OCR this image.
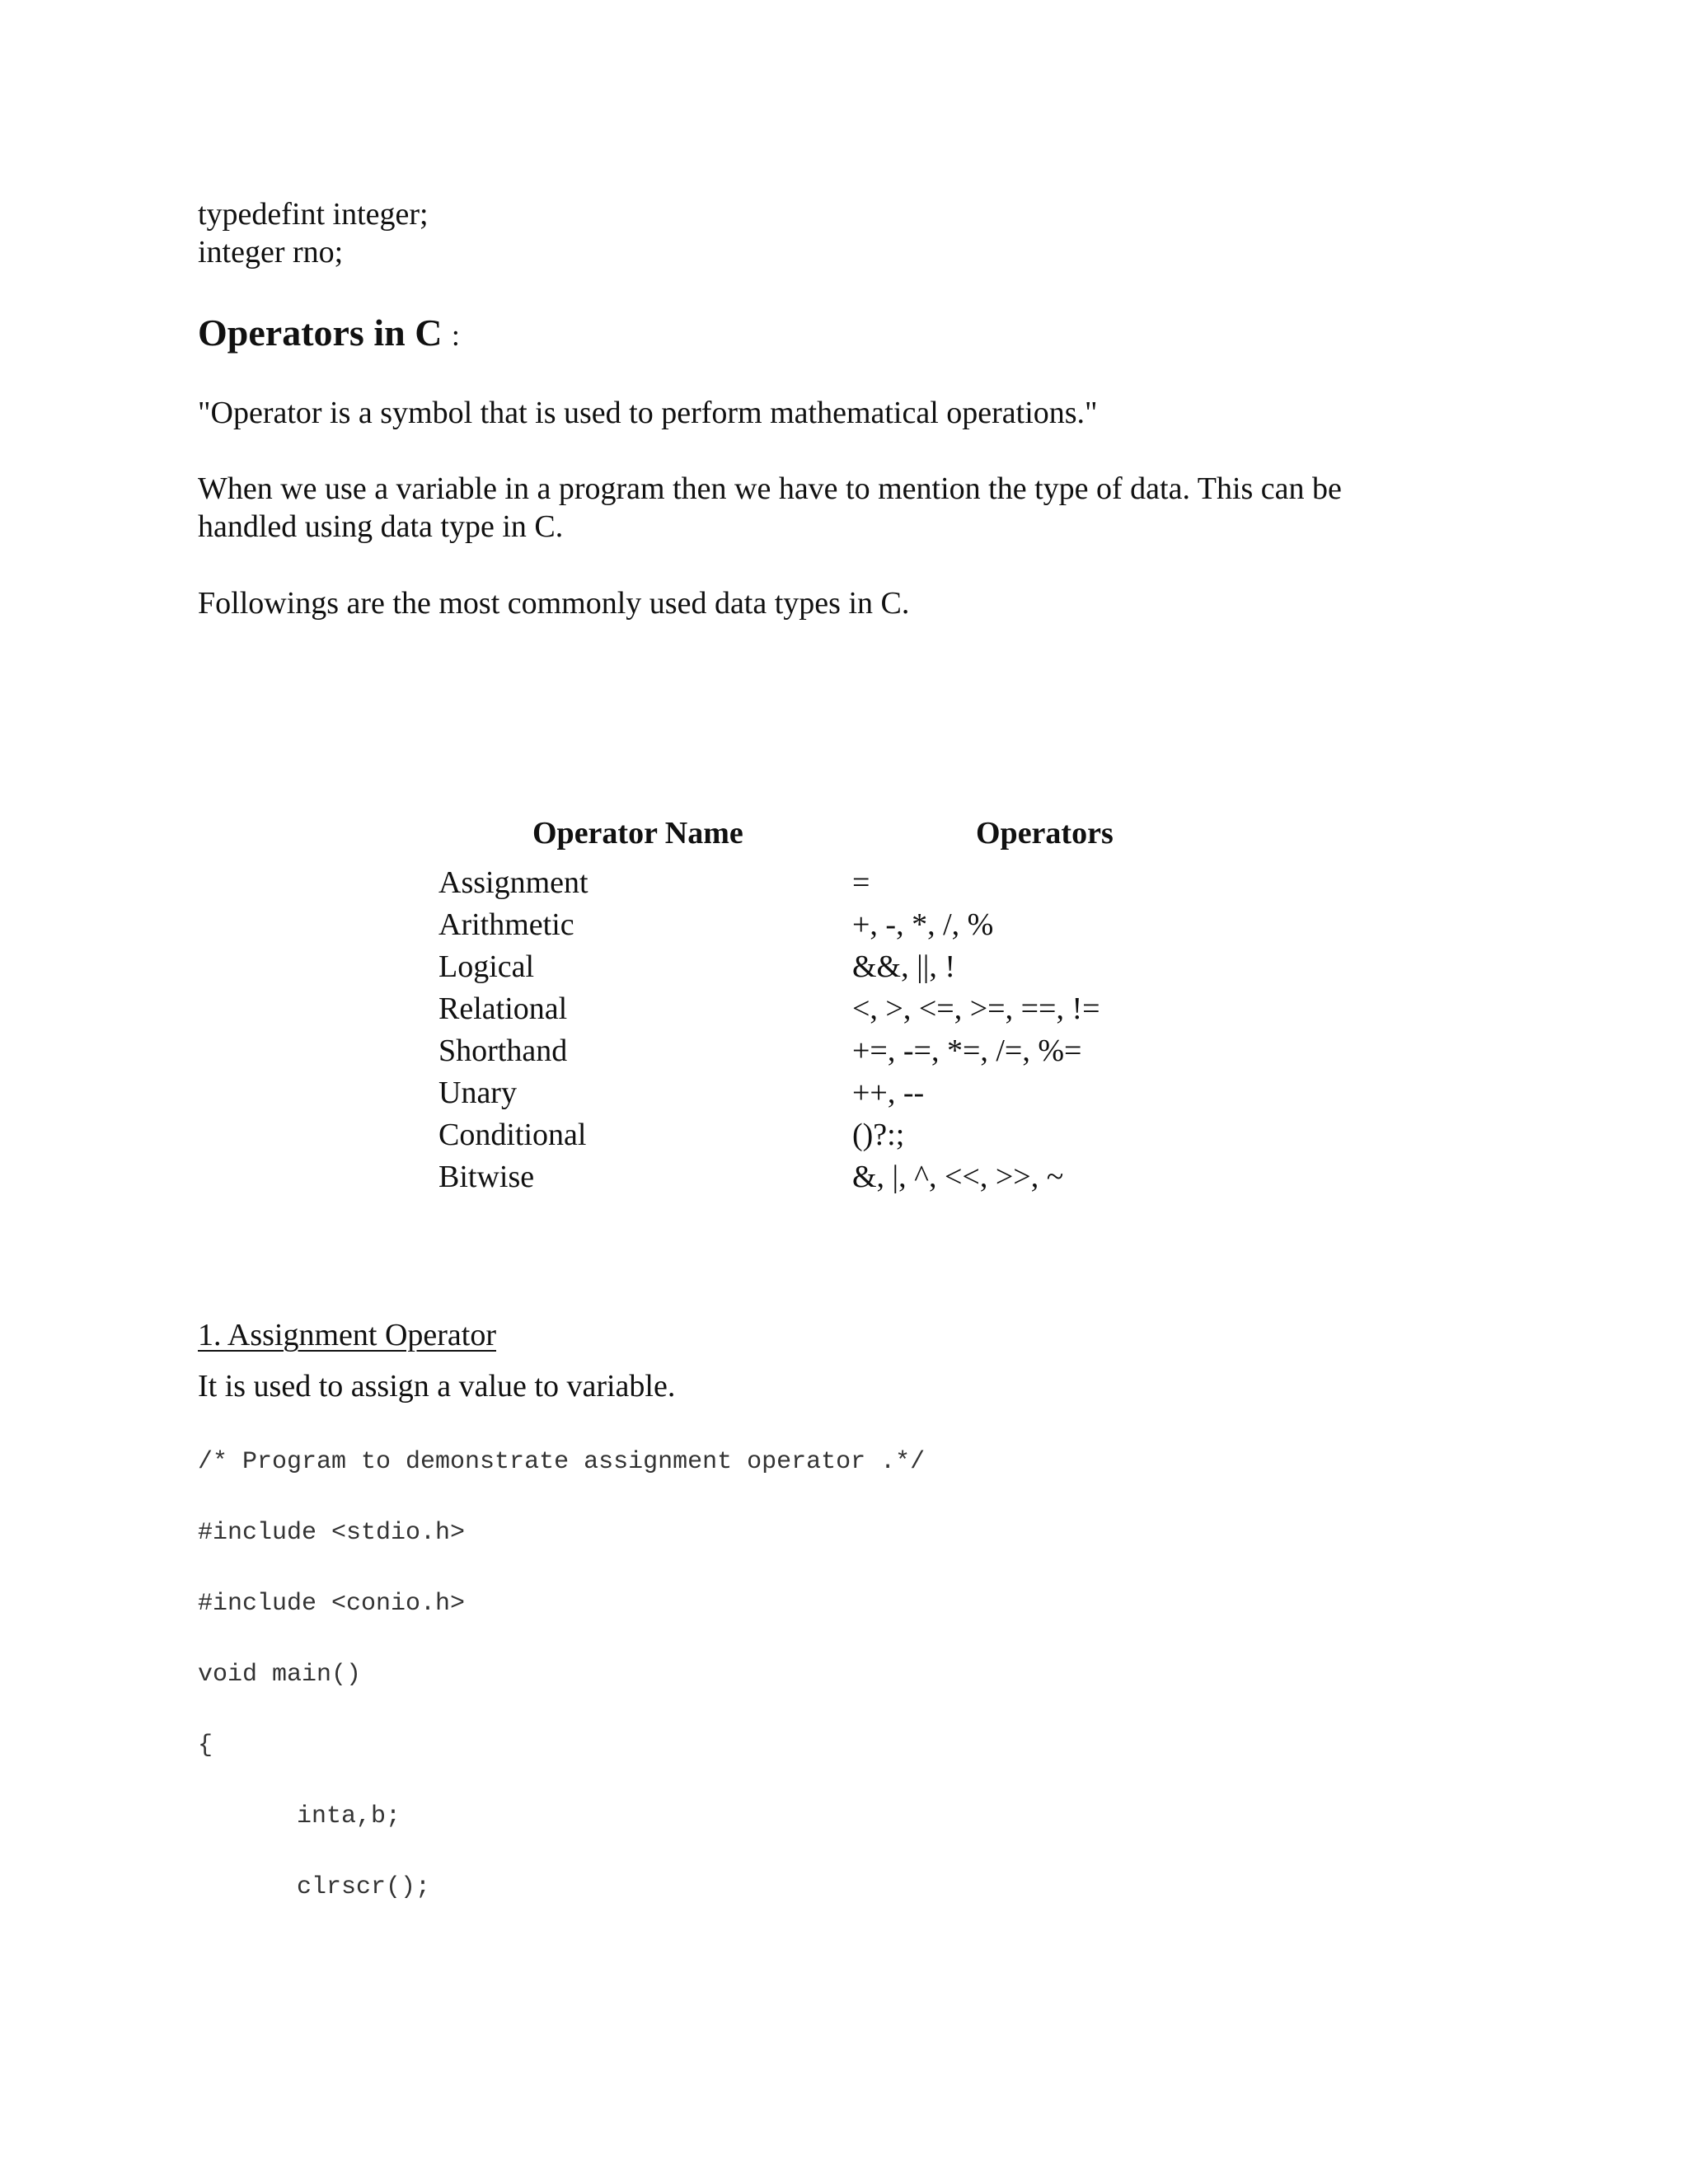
typedefint integer;
integer rno;
Operators in C :
"Operator is a symbol that is used to perform mathematical operations."
When we use a variable in a program then we have to mention the type of data. This can be
handled using data type in C.
Followings are the most commonly used data types in C.
Operator Name	Operators
Assignment	=
Arithmetic	+, -, *, /, %
Logical	&&, ||, !
Relational	<, >, <=, >=, ==, !=
Shorthand	+=, -=, *=, /=, %=
Unary	++, --
Conditional	()?:;
Bitwise	&, |, ^, <<, >>, ~
1. Assignment Operator
It is used to assign a value to variable.
/* Program to demonstrate assignment operator .*/
#include <stdio.h>
#include <conio.h>
void main()
{
inta,b;
clrscr();
